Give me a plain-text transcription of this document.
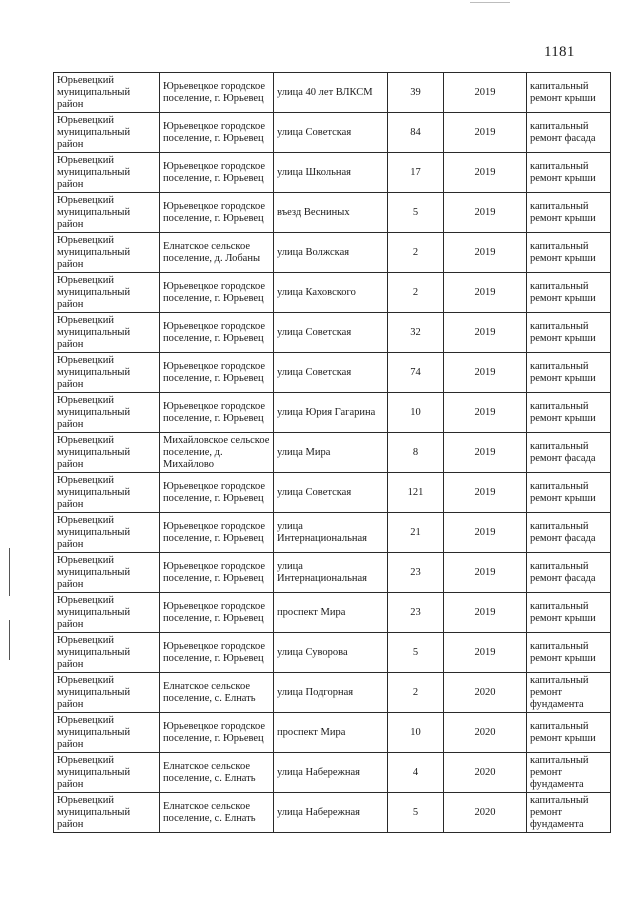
1181
Юрьевецкий муниципальный район	Юрьевецкое городское поселение, г. Юрьевец	улица 40 лет ВЛКСМ	39	2019	капитальный ремонт крыши
Юрьевецкий муниципальный район	Юрьевецкое городское поселение, г. Юрьевец	улица Советская	84	2019	капитальный ремонт фасада
Юрьевецкий муниципальный район	Юрьевецкое городское поселение, г. Юрьевец	улица Школьная	17	2019	капитальный ремонт крыши
Юрьевецкий муниципальный район	Юрьевецкое городское поселение, г. Юрьевец	въезд Весниных	5	2019	капитальный ремонт крыши
Юрьевецкий муниципальный район	Елнатское сельское поселение, д. Лобаны	улица Волжская	2	2019	капитальный ремонт крыши
Юрьевецкий муниципальный район	Юрьевецкое городское поселение, г. Юрьевец	улица Каховского	2	2019	капитальный ремонт крыши
Юрьевецкий муниципальный район	Юрьевецкое городское поселение, г. Юрьевец	улица Советская	32	2019	капитальный ремонт крыши
Юрьевецкий муниципальный район	Юрьевецкое городское поселение, г. Юрьевец	улица Советская	74	2019	капитальный ремонт крыши
Юрьевецкий муниципальный район	Юрьевецкое городское поселение, г. Юрьевец	улица Юрия Гагарина	10	2019	капитальный ремонт крыши
Юрьевецкий муниципальный район	Михайловское сельское поселение, д. Михайлово	улица Мира	8	2019	капитальный ремонт фасада
Юрьевецкий муниципальный район	Юрьевецкое городское поселение, г. Юрьевец	улица Советская	121	2019	капитальный ремонт крыши
Юрьевецкий муниципальный район	Юрьевецкое городское поселение, г. Юрьевец	улица Интернациональная	21	2019	капитальный ремонт фасада
Юрьевецкий муниципальный район	Юрьевецкое городское поселение, г. Юрьевец	улица Интернациональная	23	2019	капитальный ремонт фасада
Юрьевецкий муниципальный район	Юрьевецкое городское поселение, г. Юрьевец	проспект Мира	23	2019	капитальный ремонт крыши
Юрьевецкий муниципальный район	Юрьевецкое городское поселение, г. Юрьевец	улица Суворова	5	2019	капитальный ремонт крыши
Юрьевецкий муниципальный район	Елнатское сельское поселение, с. Елнать	улица Подгорная	2	2020	капитальный ремонт фундамента
Юрьевецкий муниципальный район	Юрьевецкое городское поселение, г. Юрьевец	проспект Мира	10	2020	капитальный ремонт крыши
Юрьевецкий муниципальный район	Елнатское сельское поселение, с. Елнать	улица Набережная	4	2020	капитальный ремонт фундамента
Юрьевецкий муниципальный район	Елнатское сельское поселение, с. Елнать	улица Набережная	5	2020	капитальный ремонт фундамента
